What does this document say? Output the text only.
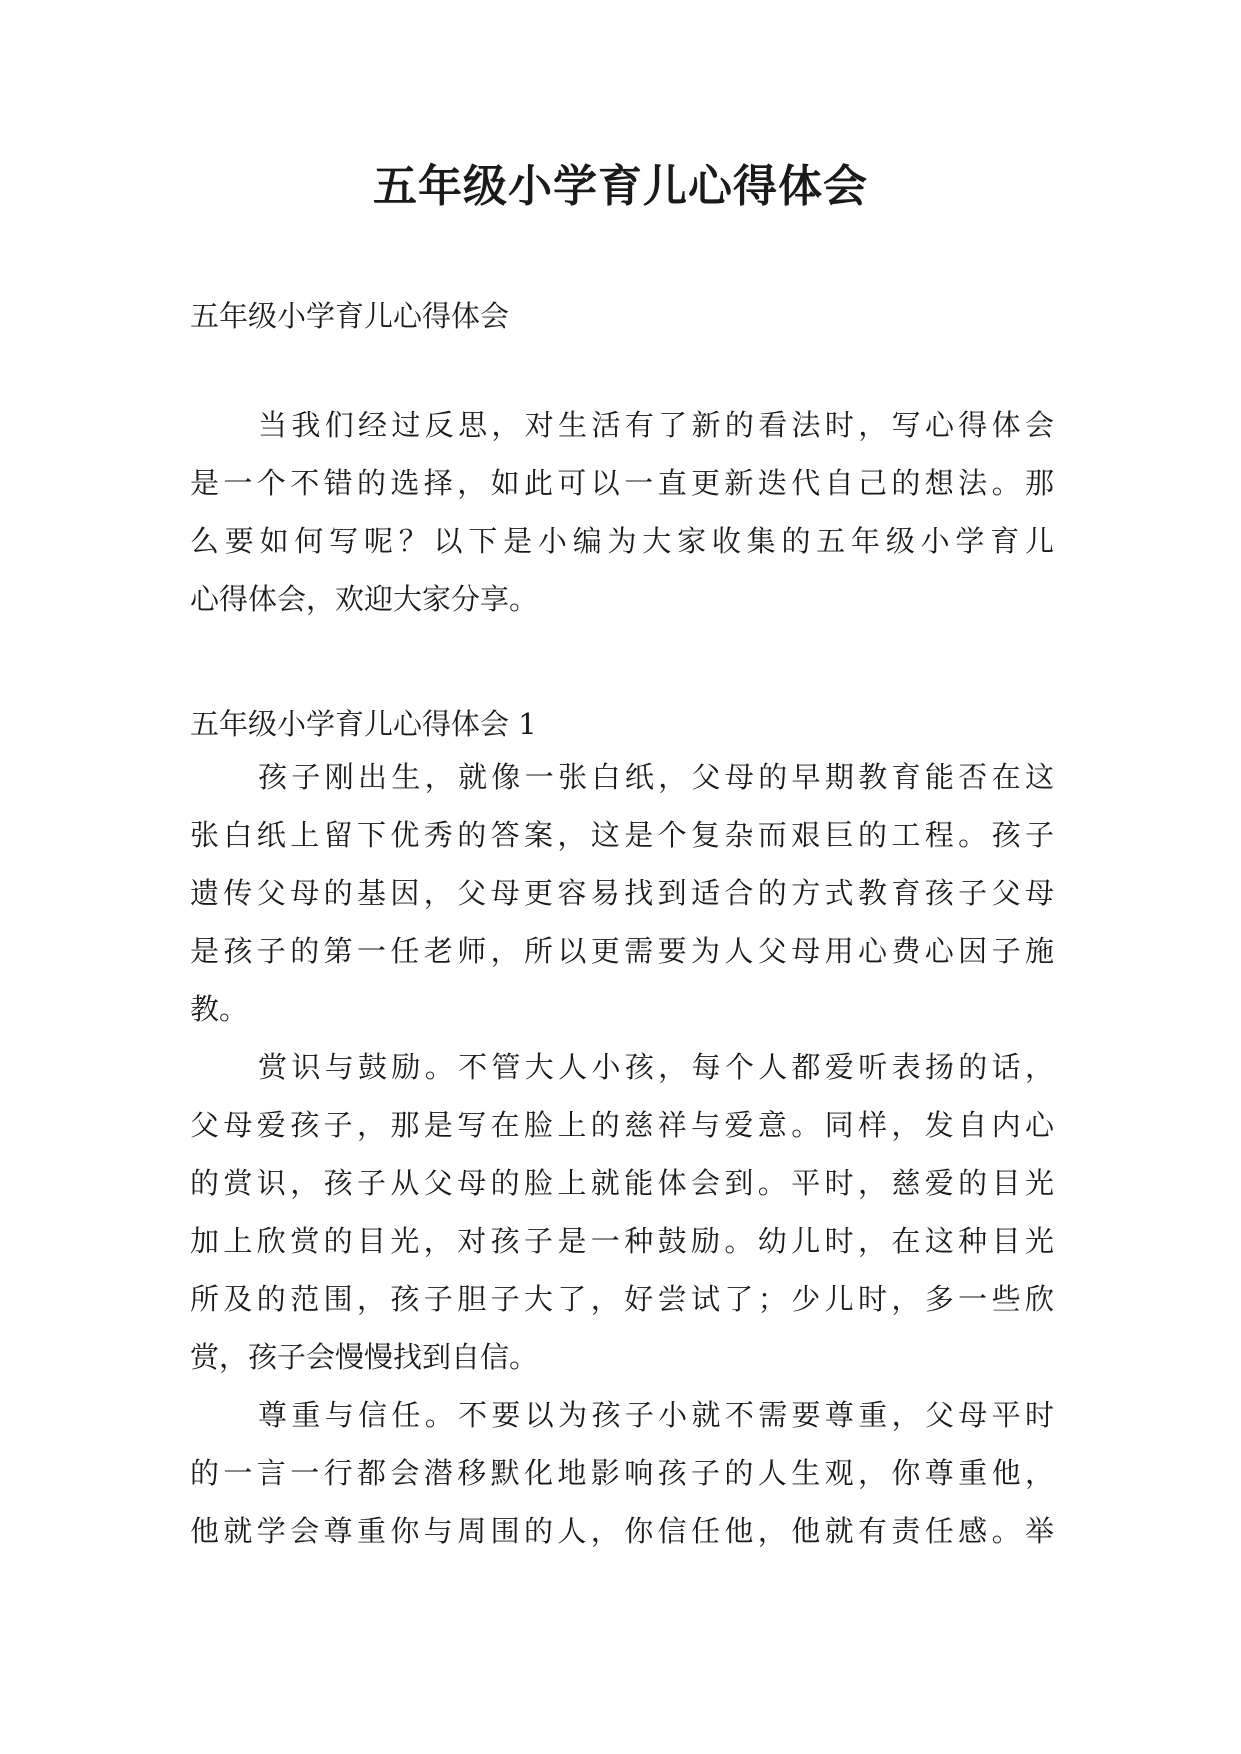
五年级小学育儿心得体会

五年级小学育儿心得体会

当我们经过反思，对生活有了新的看法时，写心得体会
是一个不错的选择，如此可以一直更新迭代自己的想法。那
么要如何写呢？以下是小编为大家收集的五年级小学育儿
心得体会，欢迎大家分享。

五年级小学育儿心得体会 1

孩子刚出生，就像一张白纸，父母的早期教育能否在这
张白纸上留下优秀的答案，这是个复杂而艰巨的工程。孩子
遗传父母的基因，父母更容易找到适合的方式教育孩子父母
是孩子的第一任老师，所以更需要为人父母用心费心因子施
教。
赏识与鼓励。不管大人小孩，每个人都爱听表扬的话，
父母爱孩子，那是写在脸上的慈祥与爱意。同样，发自内心
的赏识，孩子从父母的脸上就能体会到。平时，慈爱的目光
加上欣赏的目光，对孩子是一种鼓励。幼儿时，在这种目光
所及的范围，孩子胆子大了，好尝试了；少儿时，多一些欣
赏，孩子会慢慢找到自信。
尊重与信任。不要以为孩子小就不需要尊重，父母平时
的一言一行都会潜移默化地影响孩子的人生观，你尊重他，
他就学会尊重你与周围的人，你信任他，他就有责任感。举
